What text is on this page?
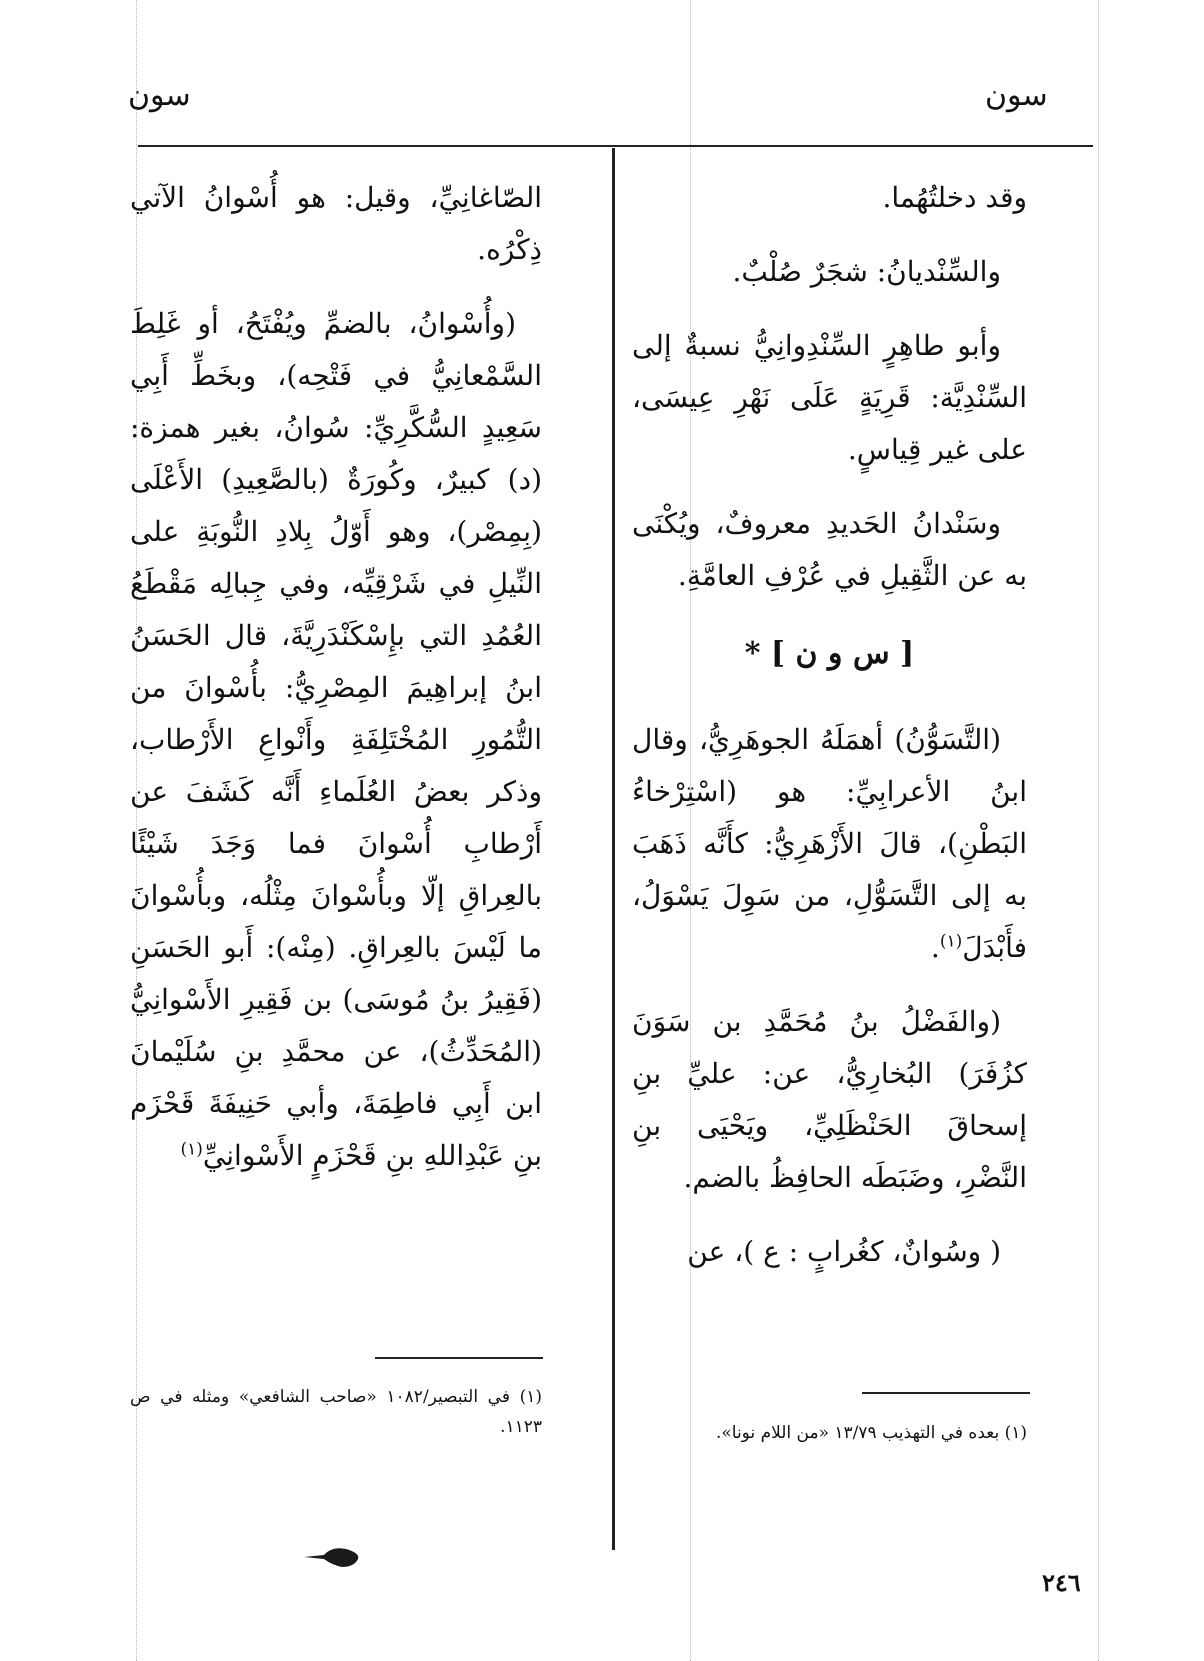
سون
سون

وقد دخلتُهُما.

والسِّنْديانُ: شجَرٌ صُلْبٌ.

وأبو طاهِرٍ السِّنْدِوانِيُّ نسبةٌ إلى السِّنْدِيَّة: قَرِيَةٍ عَلَى نَهْرِ عِيسَى، على غير قِياسٍ.

وسَنْدانُ الحَديدِ معروفٌ، ويُكْنَى به عن الثَّقِيلِ في عُرْفِ العامَّةِ.

[ س و ن ] *

(التَّسَوُّنُ) أهمَلَهُ الجوهَرِيُّ، وقال ابنُ الأعرابِيِّ: هو (اسْتِرْخاءُ البَطْنِ)، قالَ الأَزْهَرِيُّ: كأَنَّه ذَهَبَ به إلى التَّسَوُّلِ، من سَوِلَ يَسْوَلُ، فأَبْدَلَ$^{(١)}$.

(والفَضْلُ بنُ مُحَمَّدِ بن سَوَنَ كزُفَرَ) البُخارِيُّ، عن: عليِّ بنِ إسحاقَ الحَنْظَلِيِّ، ويَحْيَى بنِ النَّضْرِ، وضَبَطَه الحافِظُ بالضم.

( وسُوانٌ، كغُرابٍ : ع )، عن

(١) بعده في التهذيب ١٣/٧٩ «من اللام نونا».

الصّاغانِيِّ، وقيل: هو أُسْوانُ الآتي ذِكْرُه.

(وأُسْوانُ، بالضمِّ ويُفْتَحُ، أو غَلِطَ السَّمْعانِيُّ في فَتْحِه)، وبخَطِّ أَبِي سَعِيدٍ السُّكَّرِيِّ: سُوانُ، بغير همزة: (د) كبيرٌ، وكُورَةٌ (بالصَّعِيدِ) الأَعْلَى (بِمِصْر)، وهو أَوّلُ بِلادِ النُّوبَةِ على النِّيلِ في شَرْقِيِّه، وفي جِبالِه مَقْطَعُ العُمُدِ التي بإِسْكَنْدَرِيَّةَ، قال الحَسَنُ ابنُ إبراهِيمَ المِصْرِيُّ: بأُسْوانَ من التُّمُورِ المُخْتَلِفَةِ وأَنْواعِ الأَرْطاب، وذكر بعضُ العُلَماءِ أَنَّه كَشَفَ عن أَرْطابِ أُسْوانَ فما وَجَدَ شَيْئًا بالعِراقِ إلّا وبأُسْوانَ مِثْلُه، وبأُسْوانَ ما لَيْسَ بالعِراقِ. (مِنْه): أَبو الحَسَنِ (فَقِيرُ بنُ مُوسَى) بن فَقِيرِ الأَسْوانِيُّ (المُحَدِّثُ)، عن محمَّدِ بنِ سُلَيْمانَ ابن أَبِي فاطِمَةَ، وأبي حَنِيفَةَ قَحْزَم بنِ عَبْدِاللهِ بنِ قَحْزَمٍ الأَسْوانِيِّ$^{(١)}$

(١) في التبصير/١٠٨٢ «صاحب الشافعي» ومثله في ص ١١٢٣.
٢٤٦
